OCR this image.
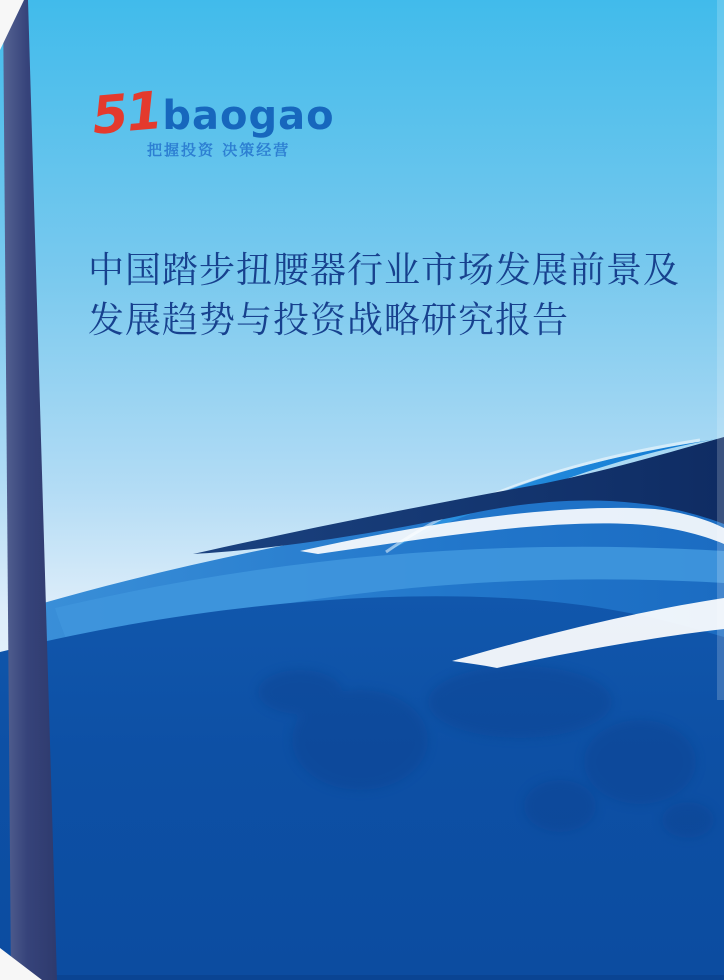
51 baogao
把握投资 决策经营
中国踏步扭腰器行业市场发展前景及
发展趋势与投资战略研究报告
